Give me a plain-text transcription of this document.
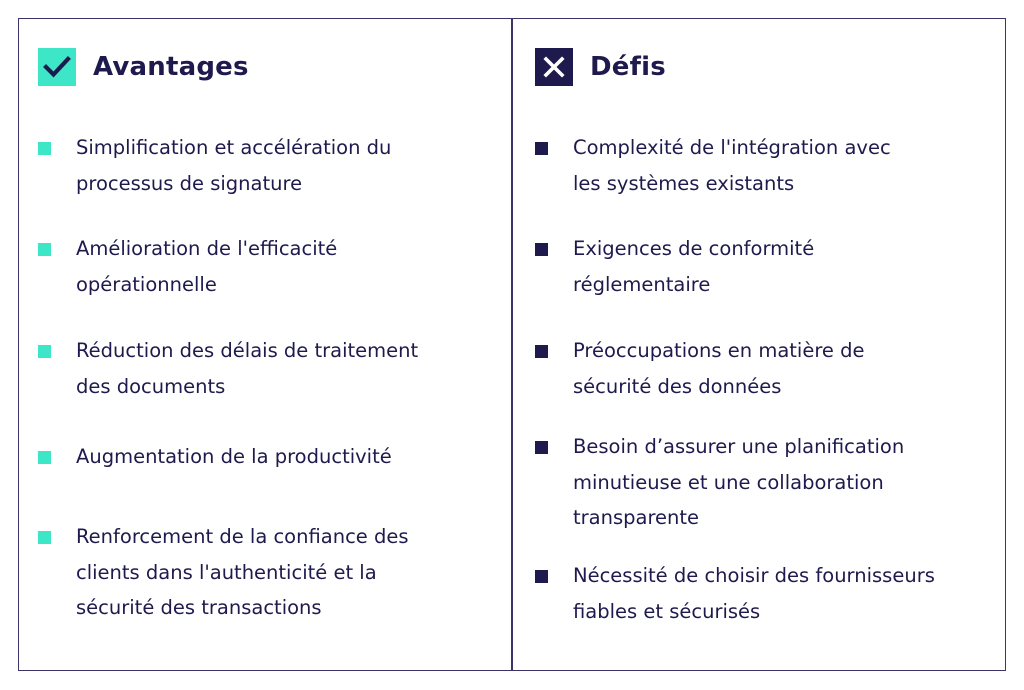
Avantages
Simplification et accélération du
processus de signature
Amélioration de l'efficacité
opérationnelle
Réduction des délais de traitement
des documents
Augmentation de la productivité
Renforcement de la confiance des
clients dans l'authenticité et la
sécurité des transactions
Défis
Complexité de l'intégration avec
les systèmes existants
Exigences de conformité
réglementaire
Préoccupations en matière de
sécurité des données
Besoin d’assurer une planification
minutieuse et une collaboration
transparente
Nécessité de choisir des fournisseurs
fiables et sécurisés
